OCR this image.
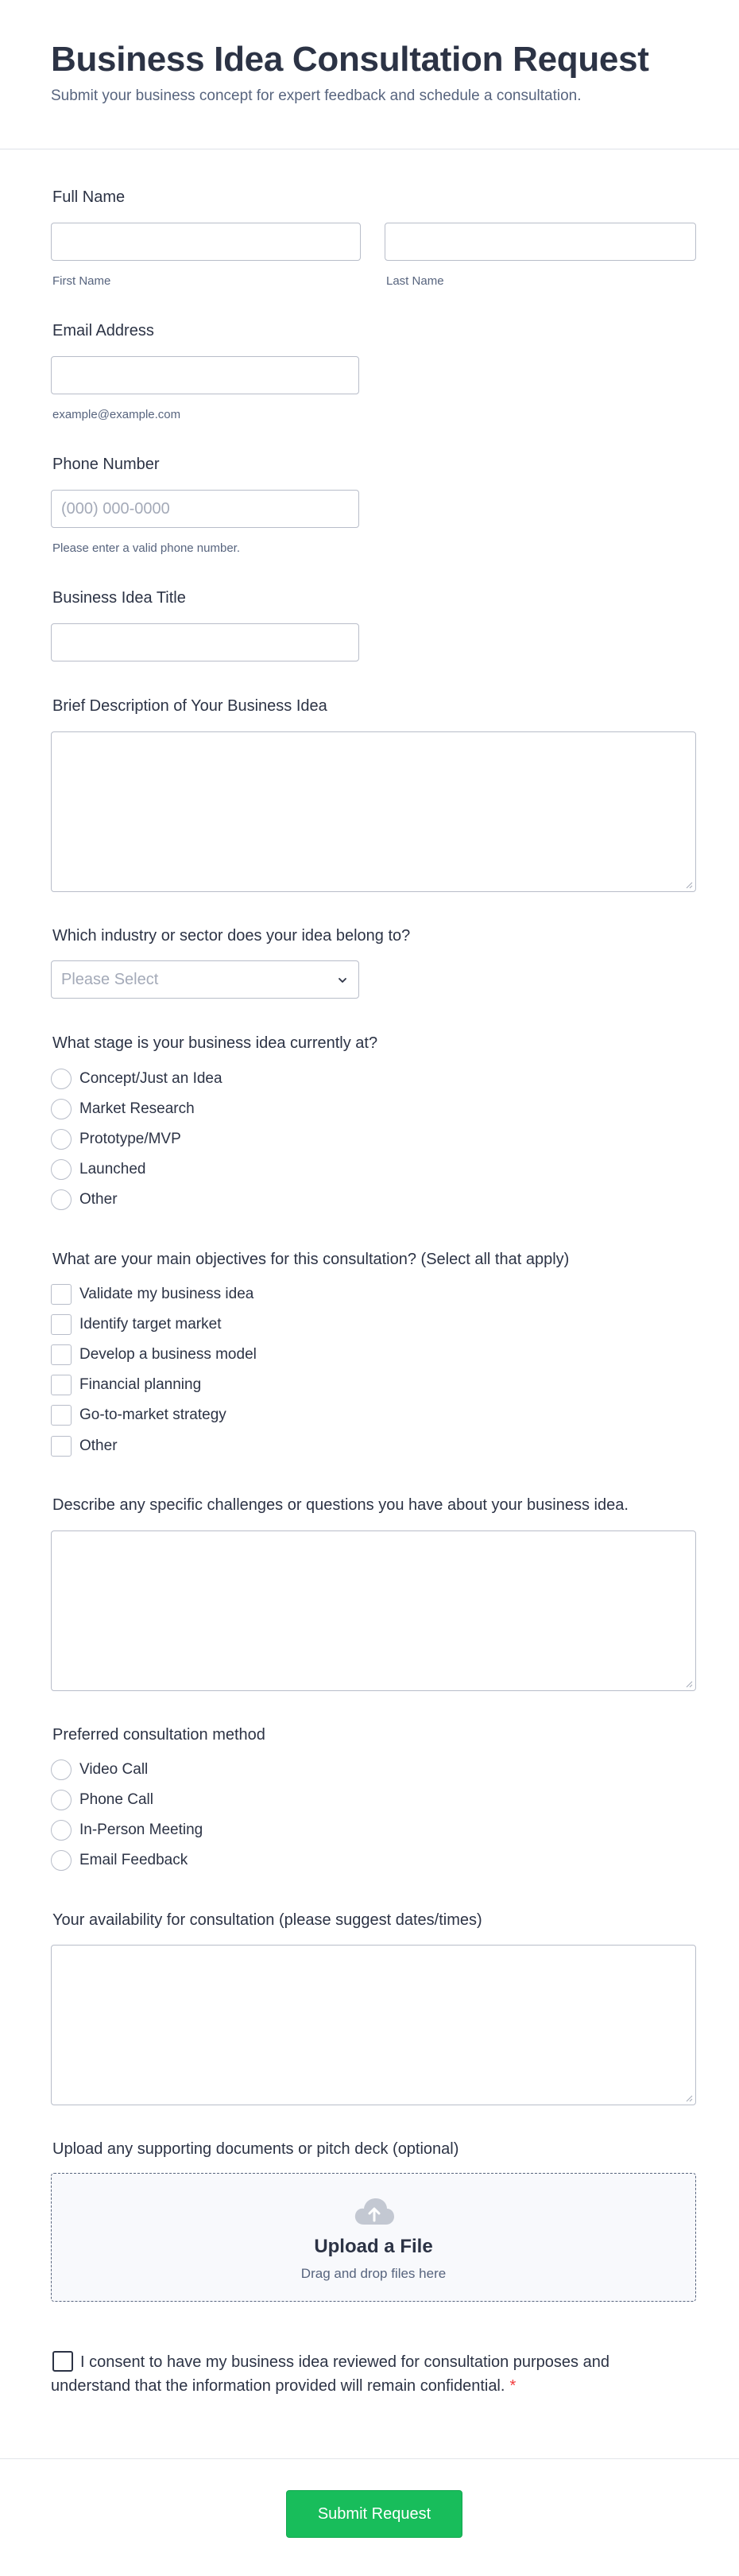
Business Idea Consultation Request
Submit your business concept for expert feedback and schedule a consultation.
Full Name
First Name	Last Name
Email Address
example@example.com
Phone Number
(000) 000-0000
Please enter a valid phone number.
Business Idea Title
Brief Description of Your Business Idea
Which industry or sector does your idea belong to?
Please Select
What stage is your business idea currently at?
Concept/Just an Idea
Market Research
Prototype/MVP
Launched
Other
What are your main objectives for this consultation? (Select all that apply)
Validate my business idea
Identify target market
Develop a business model
Financial planning
Go-to-market strategy
Other
Describe any specific challenges or questions you have about your business idea.
Preferred consultation method
Video Call
Phone Call
In-Person Meeting
Email Feedback
Your availability for consultation (please suggest dates/times)
Upload any supporting documents or pitch deck (optional)
Upload a File
Drag and drop files here
I consent to have my business idea reviewed for consultation purposes and understand that the information provided will remain confidential. *
Submit Request
